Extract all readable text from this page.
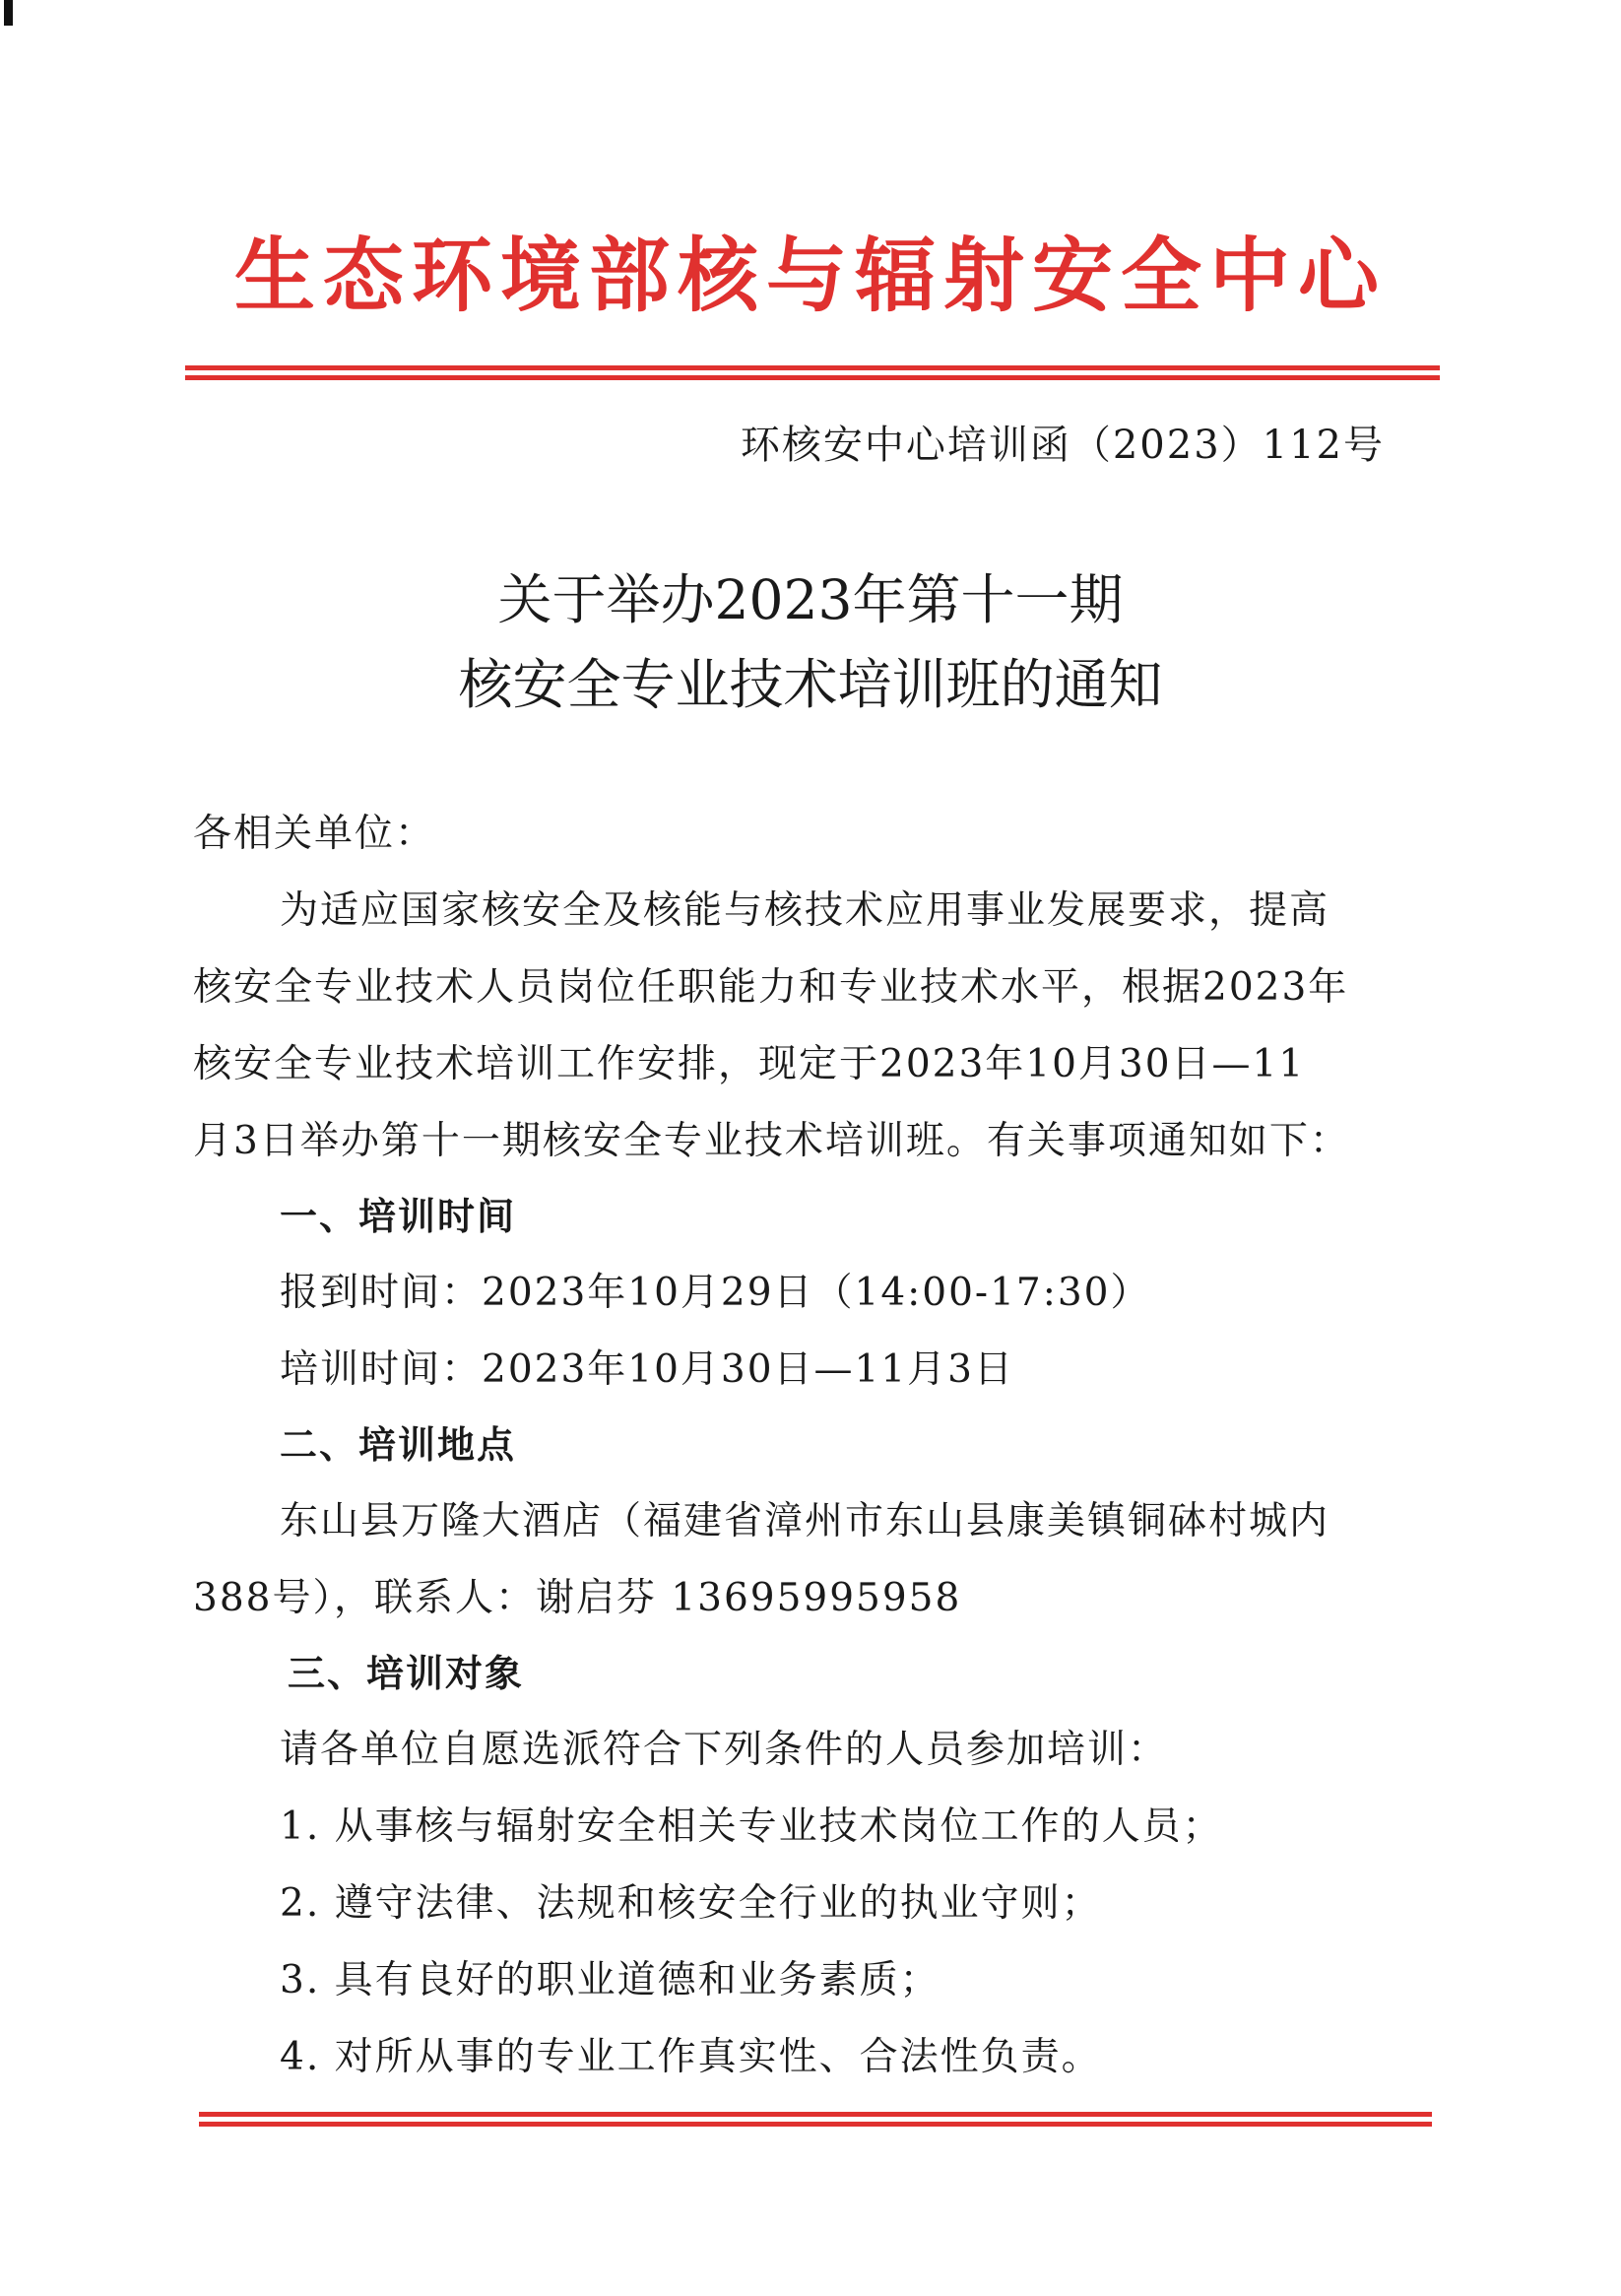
生态环境部核与辐射安全中心
环核安中心培训函（2023）112号
关于举办2023年第十一期
核安全专业技术培训班的通知
各相关单位：
为适应国家核安全及核能与核技术应用事业发展要求，提高
核安全专业技术人员岗位任职能力和专业技术水平，根据2023年
核安全专业技术培训工作安排，现定于2023年10月30日—11
月3日举办第十一期核安全专业技术培训班。有关事项通知如下：
一、培训时间
报到时间：2023年10月29日（14:00-17:30）
培训时间：2023年10月30日—11月3日
二、培训地点
东山县万隆大酒店（福建省漳州市东山县康美镇铜砵村城内
388号），联系人：谢启芬 13695995958
三、培训对象
请各单位自愿选派符合下列条件的人员参加培训：
1. 从事核与辐射安全相关专业技术岗位工作的人员；
2. 遵守法律、法规和核安全行业的执业守则；
3. 具有良好的职业道德和业务素质；
4. 对所从事的专业工作真实性、合法性负责。
